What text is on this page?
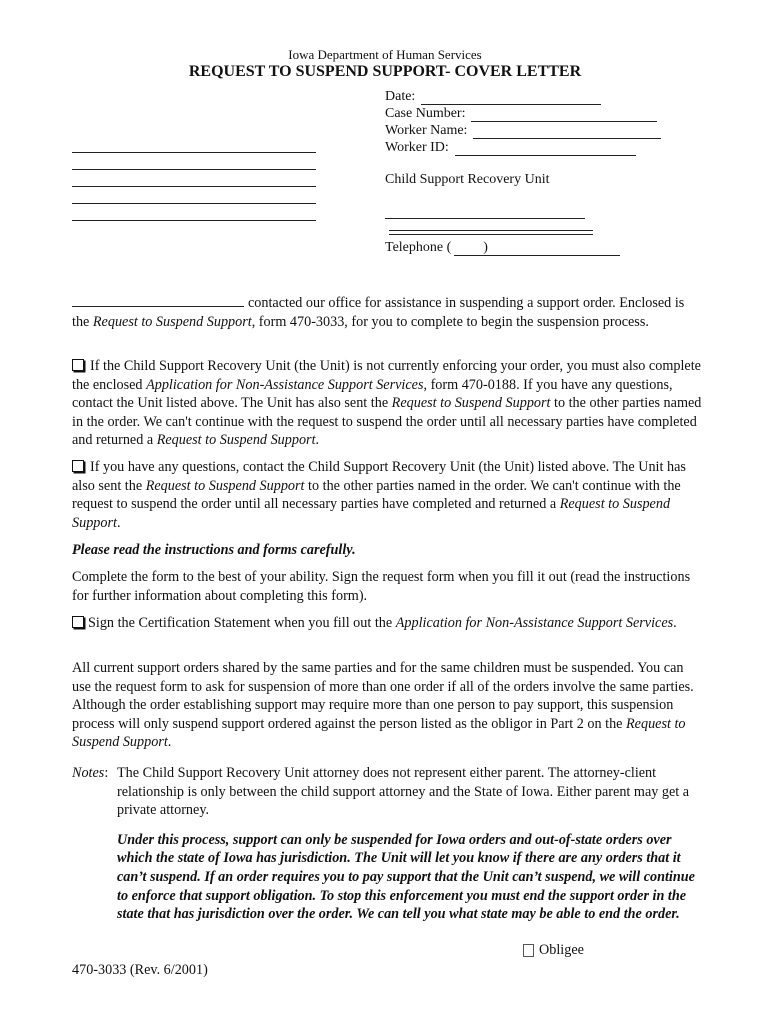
Iowa Department of Human Services
REQUEST TO SUSPEND SUPPORT- COVER LETTER
Date:
Case Number:
Worker Name:
Worker ID:
Child Support Recovery Unit
Telephone ( )

contacted our office for assistance in suspending a support order. Enclosed is the Request to Suspend Support, form 470-3033, for you to complete to begin the suspension process.

If the Child Support Recovery Unit (the Unit) is not currently enforcing your order, you must also complete the enclosed Application for Non-Assistance Support Services, form 470-0188. If you have any questions, contact the Unit listed above. The Unit has also sent the Request to Suspend Support to the other parties named in the order. We can't continue with the request to suspend the order until all necessary parties have completed and returned a Request to Suspend Support.

If you have any questions, contact the Child Support Recovery Unit (the Unit) listed above. The Unit has also sent the Request to Suspend Support to the other parties named in the order. We can't continue with the request to suspend the order until all necessary parties have completed and returned a Request to Suspend Support.

Please read the instructions and forms carefully.
Complete the form to the best of your ability. Sign the request form when you fill it out (read the instructions for further information about completing this form).

Sign the Certification Statement when you fill out the Application for Non-Assistance Support Services.

All current support orders shared by the same parties and for the same children must be suspended. You can use the request form to ask for suspension of more than one order if all of the orders involve the same parties. Although the order establishing support may require more than one person to pay support, this suspension process will only suspend support ordered against the person listed as the obligor in Part 2 on the Request to Suspend Support.

Notes: The Child Support Recovery Unit attorney does not represent either parent. The attorney-client relationship is only between the child support attorney and the State of Iowa. Either parent may get a private attorney.

Under this process, support can only be suspended for Iowa orders and out-of-state orders over which the state of Iowa has jurisdiction. The Unit will let you know if there are any orders that it can’t suspend. If an order requires you to pay support that the Unit can’t suspend, we will continue to enforce that support obligation. To stop this enforcement you must end the support order in the state that has jurisdiction over the order. We can tell you what state may be able to end the order.

Obligee
470-3033 (Rev. 6/2001)
